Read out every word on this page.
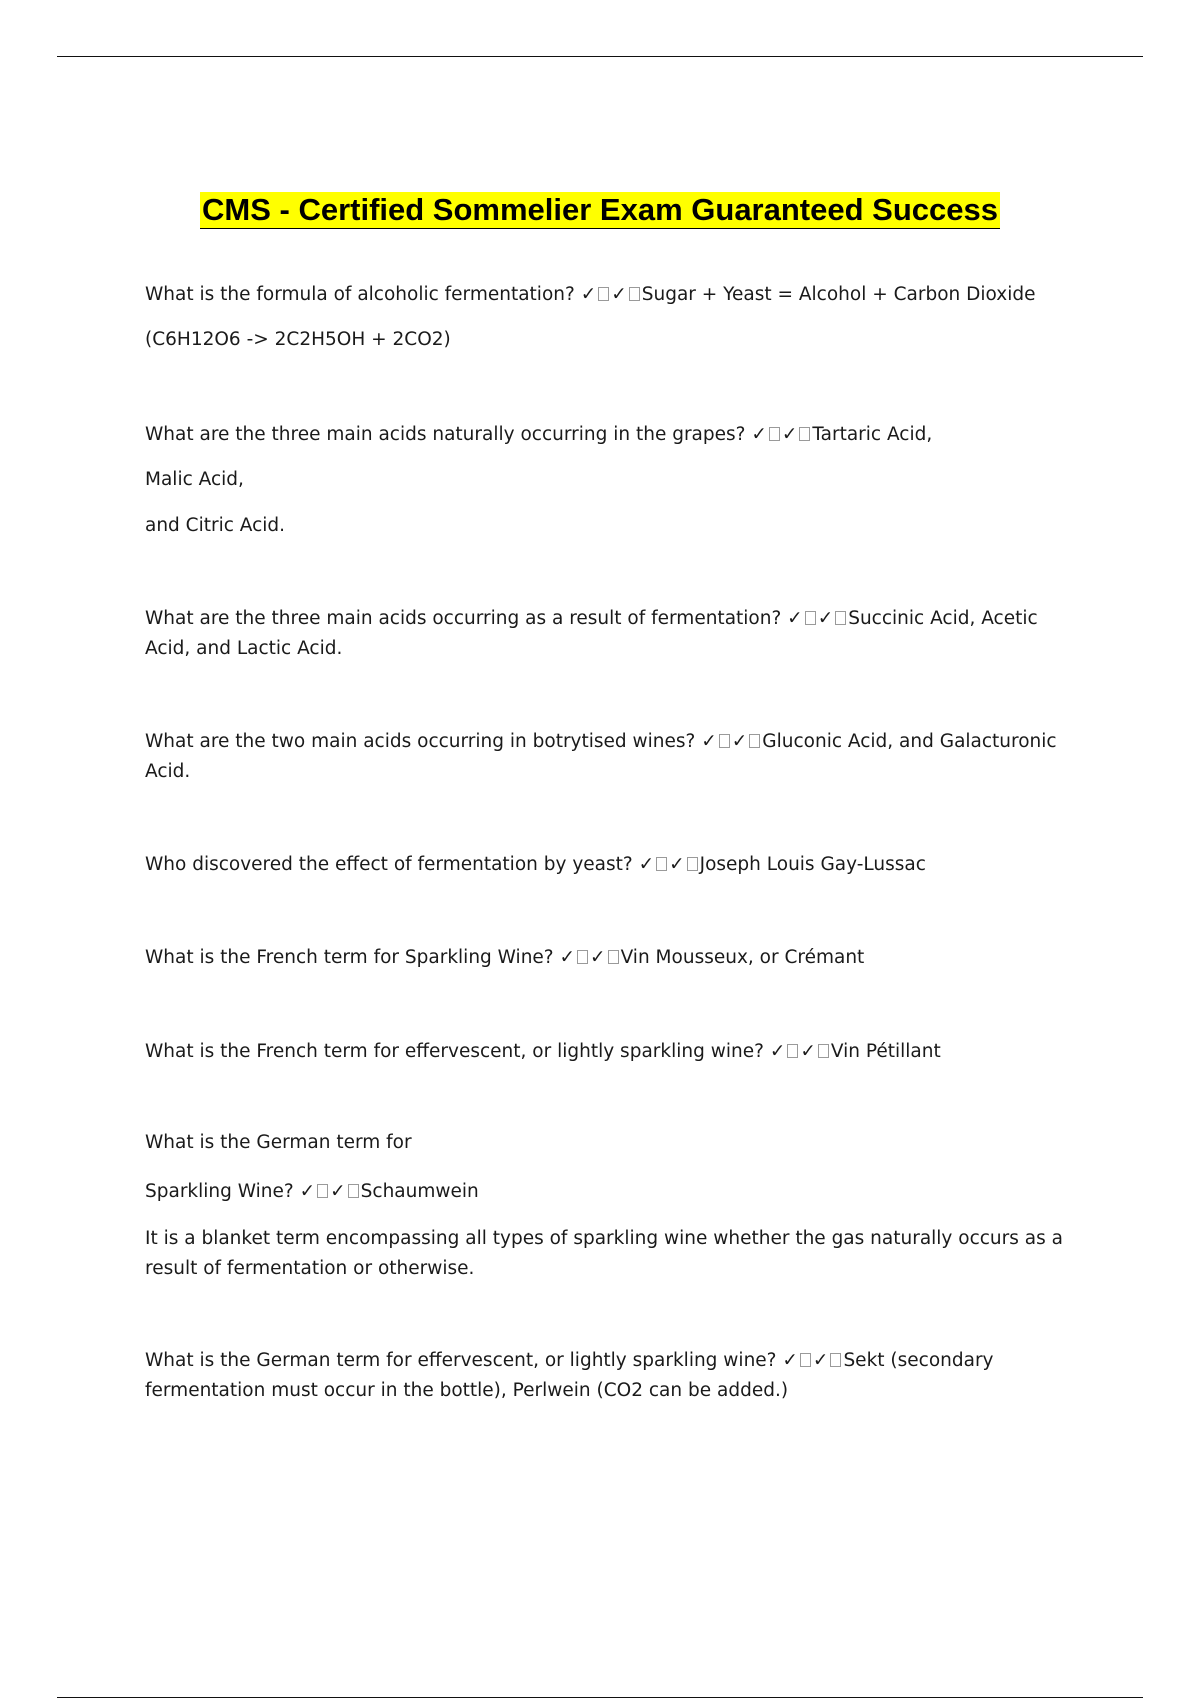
CMS - Certified Sommelier Exam Guaranteed Success

What is the formula of alcoholic fermentation? ✓ ✓ Sugar + Yeast = Alcohol + Carbon Dioxide

(C6H12O6 -> 2C2H5OH + 2CO2)

What are the three main acids naturally occurring in the grapes? ✓ ✓ Tartaric Acid,

Malic Acid,

and Citric Acid.

What are the three main acids occurring as a result of fermentation? ✓ ✓ Succinic Acid, Acetic Acid, and Lactic Acid.

What are the two main acids occurring in botrytised wines? ✓ ✓ Gluconic Acid, and Galacturonic Acid.

Who discovered the effect of fermentation by yeast? ✓ ✓ Joseph Louis Gay-Lussac

What is the French term for Sparkling Wine? ✓ ✓ Vin Mousseux, or Crémant

What is the French term for effervescent, or lightly sparkling wine? ✓ ✓ Vin Pétillant

What is the German term for

Sparkling Wine? ✓ ✓ Schaumwein

It is a blanket term encompassing all types of sparkling wine whether the gas naturally occurs as a result of fermentation or otherwise.

What is the German term for effervescent, or lightly sparkling wine? ✓ ✓ Sekt (secondary fermentation must occur in the bottle), Perlwein (CO2 can be added.)
